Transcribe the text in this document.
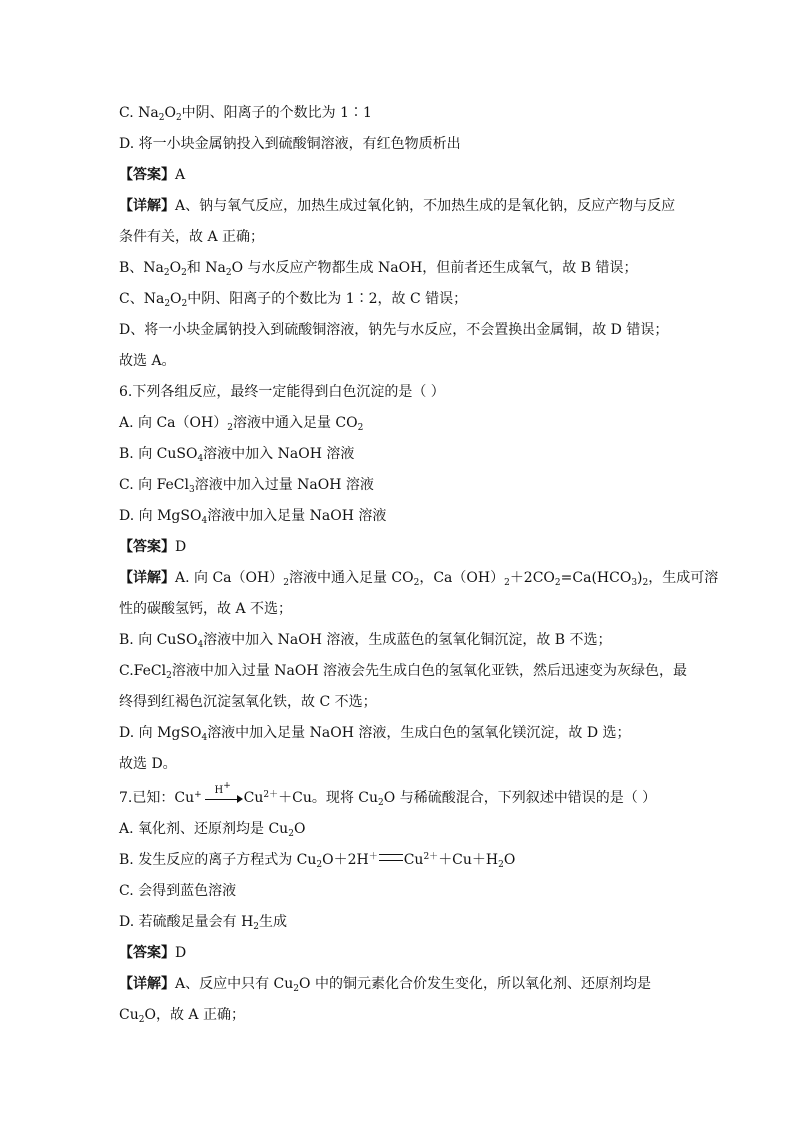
C. $Na_2O_2$中阴、阳离子的个数比为 1∶1
D. 将一小块金属钠投入到硫酸铜溶液，有红色物质析出
【答案】A
【详解】A、钠与氧气反应，加热生成过氧化钠，不加热生成的是氧化钠，反应产物与反应
条件有关，故 A 正确；
B、$Na_2O_2$和 $Na_2O$ 与水反应产物都生成 NaOH，但前者还生成氧气，故 B 错误；
C、$Na_2O_2$中阴、阳离子的个数比为 1∶2，故 C 错误；
D、将一小块金属钠投入到硫酸铜溶液，钠先与水反应，不会置换出金属铜，故 D 错误；
故选 A。
6.下列各组反应，最终一定能得到白色沉淀的是（ ）
A. 向 $Ca(OH)_2$溶液中通入足量 $CO_2$
B. 向 CuSO$_4$溶液中加入 NaOH 溶液
C. 向 FeCl$_3$溶液中加入过量 NaOH 溶液
D. 向 MgSO$_4$溶液中加入足量 NaOH 溶液
【答案】D
【详解】A. 向 $Ca(OH)_2$溶液中通入足量 $CO_2$，$Ca(OH)_2+2CO_2=Ca(HCO_3)_2$，生成可溶
性的碳酸氢钙，故 A 不选；
B. 向 CuSO$_4$溶液中加入 NaOH 溶液，生成蓝色的氢氧化铜沉淀，故 B 不选；
C.FeCl$_2$溶液中加入过量 NaOH 溶液会先生成白色的氢氧化亚铁，然后迅速变为灰绿色，最
终得到红褐色沉淀氢氧化铁，故 C 不选；
D. 向 MgSO$_4$溶液中加入足量 NaOH 溶液，生成白色的氢氧化镁沉淀，故 D 选；
故选 D。
7.已知：Cu+	H+
$Cu^{2+}+Cu$。现将 $Cu_2O$ 与稀硫酸混合，下列叙述中错误的是（ ）
A. 氧化剂、还原剂均是 $Cu_2O$
B. 发生反应的离子方程式为 $Cu_2O+2H^+$ $Cu^{2+}+Cu+H_2O$
C. 会得到蓝色溶液
D. 若硫酸足量会有 $H_2$生成
【答案】D
【详解】A、反应中只有 $Cu_2O$ 中的铜元素化合价发生变化，所以氧化剂、还原剂均是
$Cu_2O$，故 A 正确；
